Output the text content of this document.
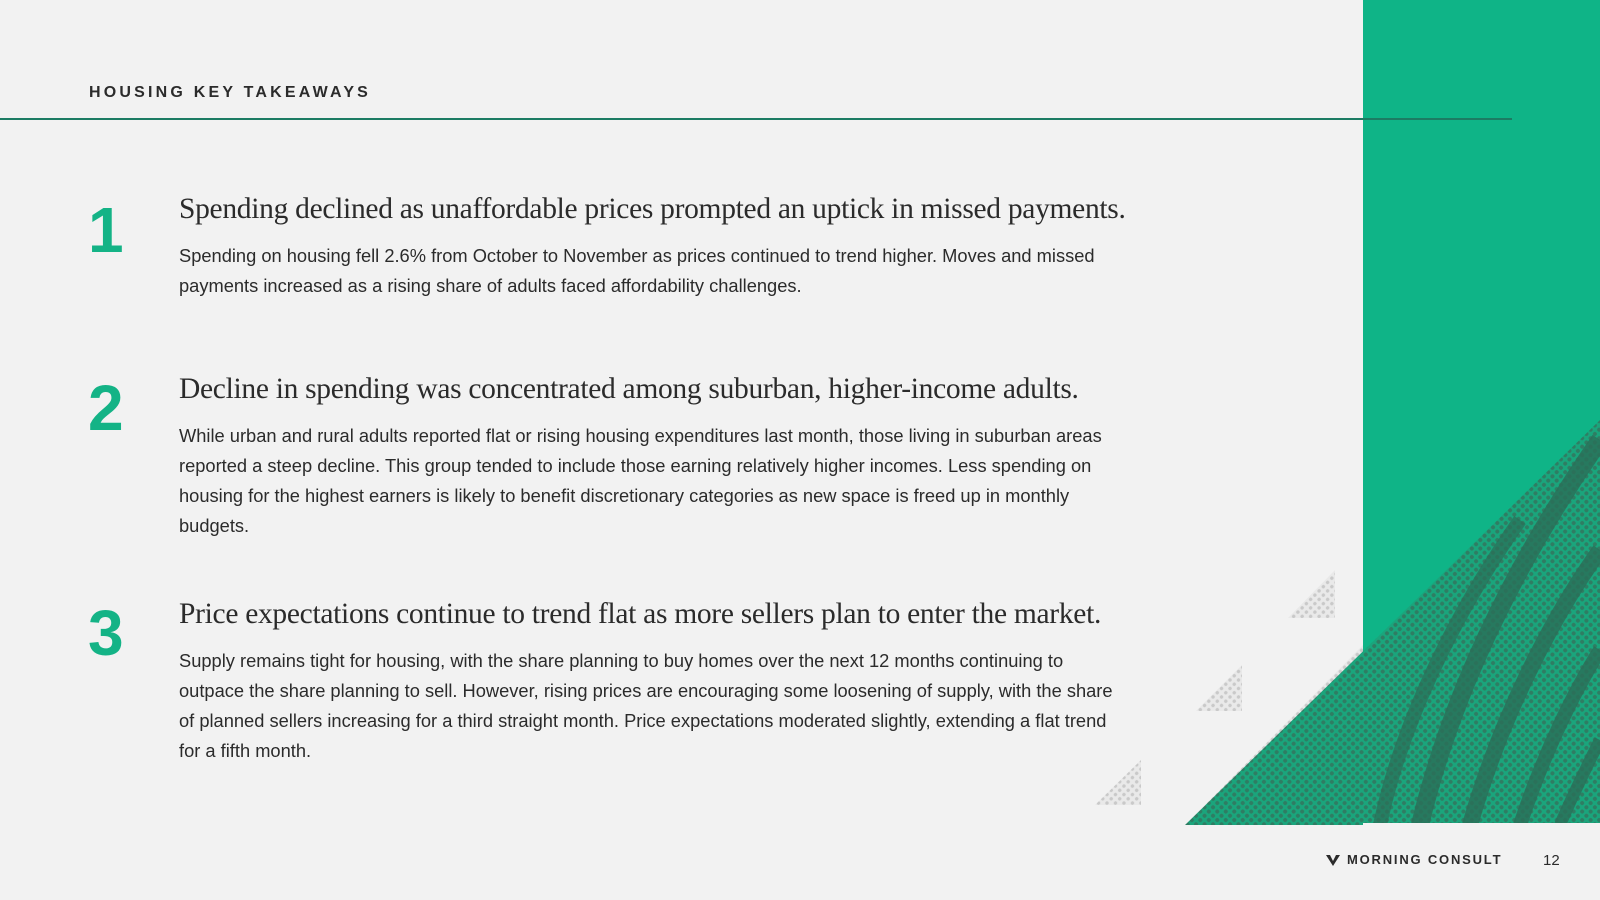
HOUSING KEY TAKEAWAYS
1 Spending declined as unaffordable prices prompted an uptick in missed payments.
Spending on housing fell 2.6% from October to November as prices continued to trend higher. Moves and missed payments increased as a rising share of adults faced affordability challenges.
2 Decline in spending was concentrated among suburban, higher-income adults.
While urban and rural adults reported flat or rising housing expenditures last month, those living in suburban areas reported a steep decline. This group tended to include those earning relatively higher incomes. Less spending on housing for the highest earners is likely to benefit discretionary categories as new space is freed up in monthly budgets.
3 Price expectations continue to trend flat as more sellers plan to enter the market.
Supply remains tight for housing, with the share planning to buy homes over the next 12 months continuing to outpace the share planning to sell. However, rising prices are encouraging some loosening of supply, with the share of planned sellers increasing for a third straight month. Price expectations moderated slightly, extending a flat trend for a fifth month.
MORNING CONSULT	12
